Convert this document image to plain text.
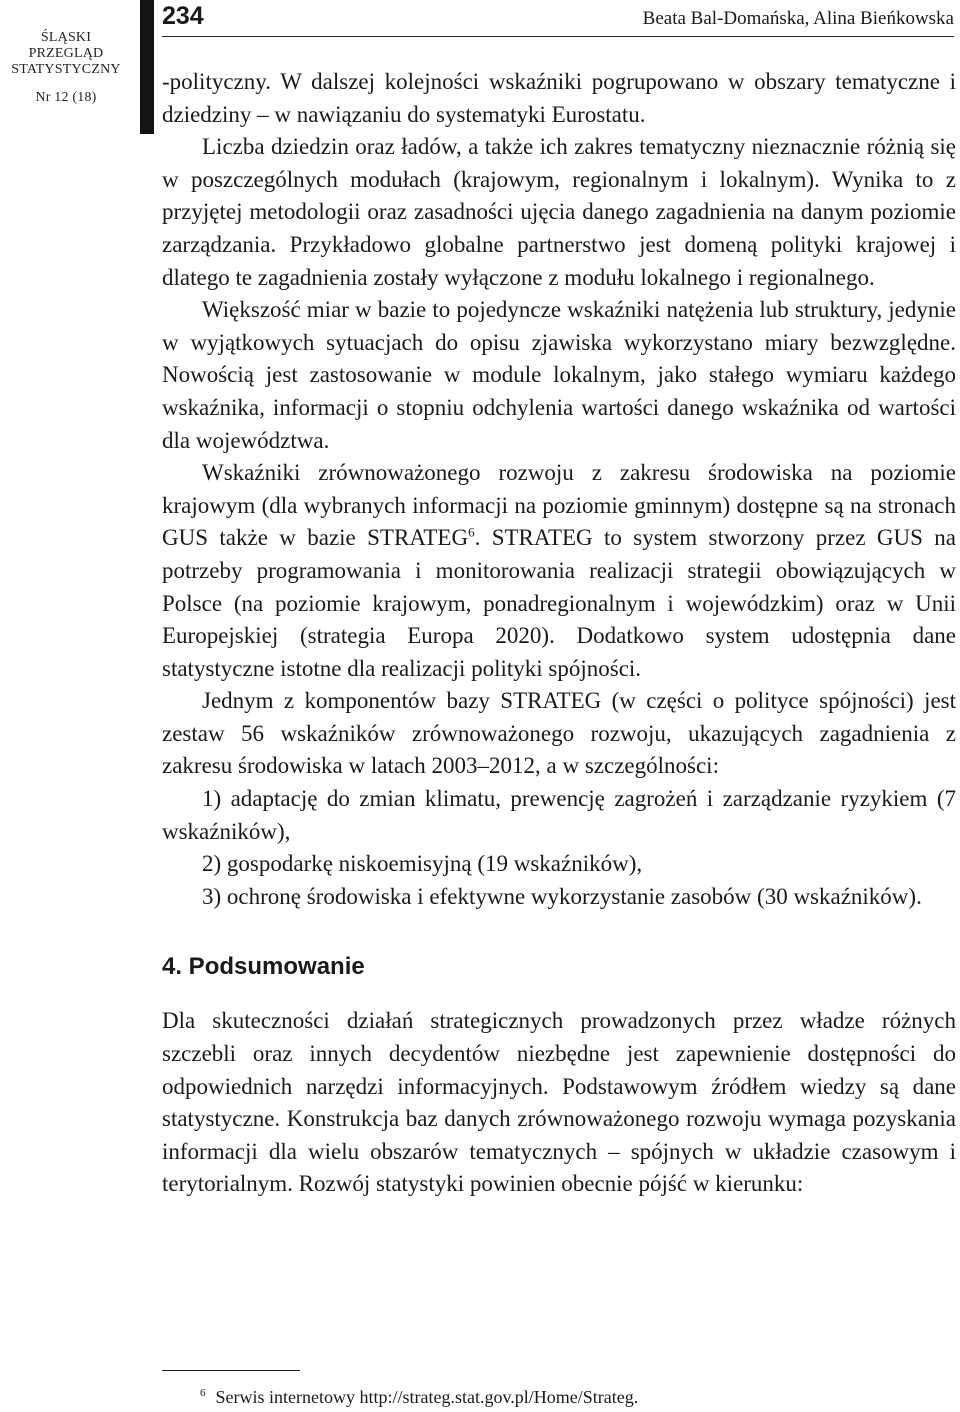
ŚLĄSKI
PRZEGLĄD
STATYSTYCZNY
Nr 12 (18)
234	Beata Bal-Domańska, Alina Bieńkowska

-polityczny. W dalszej kolejności wskaźniki pogrupowano w obszary tematyczne i dziedziny – w nawiązaniu do systematyki Eurostatu.

Liczba dziedzin oraz ładów, a także ich zakres tematyczny nieznacznie różnią się w poszczególnych modułach (krajowym, regionalnym i lokalnym). Wynika to z przyjętej metodologii oraz zasadności ujęcia danego zagadnienia na danym poziomie zarządzania. Przykładowo globalne partnerstwo jest domeną polityki krajowej i dlatego te zagadnienia zostały wyłączone z modułu lokalnego i regionalnego.

Większość miar w bazie to pojedyncze wskaźniki natężenia lub struktury, jedynie w wyjątkowych sytuacjach do opisu zjawiska wykorzystano miary bezwzględne. Nowością jest zastosowanie w module lokalnym, jako stałego wymiaru każdego wskaźnika, informacji o stopniu odchylenia wartości danego wskaźnika od wartości dla województwa.

Wskaźniki zrównoważonego rozwoju z zakresu środowiska na poziomie krajowym (dla wybranych informacji na poziomie gminnym) dostępne są na stronach GUS także w bazie STRATEG$^6$. STRATEG to system stworzony przez GUS na potrzeby programowania i monitorowania realizacji strategii obowiązujących w Polsce (na poziomie krajowym, ponadregionalnym i wojewódzkim) oraz w Unii Europejskiej (strategia Europa 2020). Dodatkowo system udostępnia dane statystyczne istotne dla realizacji polityki spójności.

Jednym z komponentów bazy STRATEG (w części o polityce spójności) jest zestaw 56 wskaźników zrównoważonego rozwoju, ukazujących zagadnienia z zakresu środowiska w latach 2003–2012, a w szczególności:

1) adaptację do zmian klimatu, prewencję zagrożeń i zarządzanie ryzykiem (7 wskaźników),

2) gospodarkę niskoemisyjną (19 wskaźników),

3) ochronę środowiska i efektywne wykorzystanie zasobów (30 wskaźników).

4. Podsumowanie

Dla skuteczności działań strategicznych prowadzonych przez władze różnych szczebli oraz innych decydentów niezbędne jest zapewnienie dostępności do odpowiednich narzędzi informacyjnych. Podstawowym źródłem wiedzy są dane statystyczne. Konstrukcja baz danych zrównoważonego rozwoju wymaga pozyskania informacji dla wielu obszarów tematycznych – spójnych w układzie czasowym i terytorialnym. Rozwój statystyki powinien obecnie pójść w kierunku:

$^6$ Serwis internetowy http://strateg.stat.gov.pl/Home/Strateg.
